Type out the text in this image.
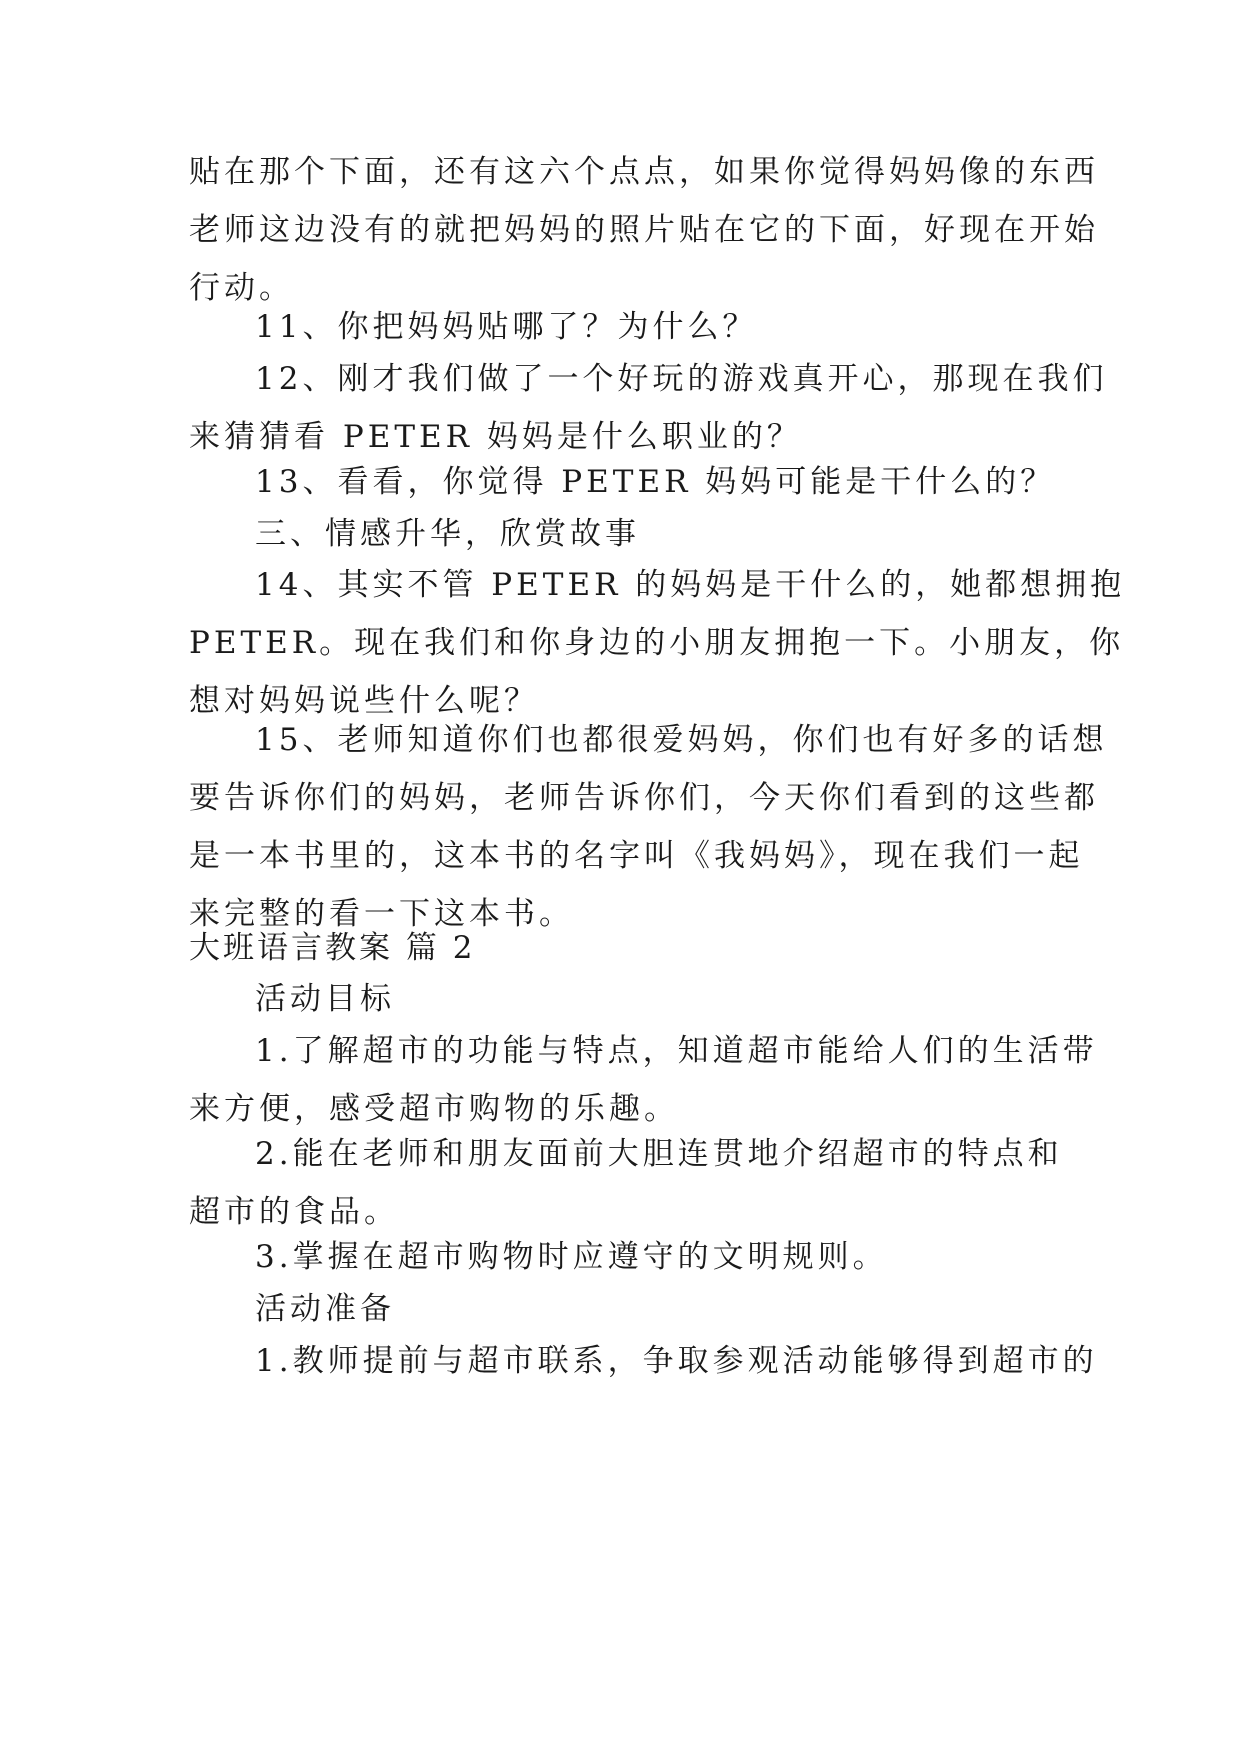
贴在那个下面，还有这六个点点，如果你觉得妈妈像的东西
老师这边没有的就把妈妈的照片贴在它的下面，好现在开始
行动。
11、你把妈妈贴哪了？为什么？
12、刚才我们做了一个好玩的游戏真开心，那现在我们
来猜猜看 PETER 妈妈是什么职业的？
13、看看，你觉得 PETER 妈妈可能是干什么的？
三、情感升华，欣赏故事
14、其实不管 PETER 的妈妈是干什么的，她都想拥抱
PETER。现在我们和你身边的小朋友拥抱一下。小朋友，你
想对妈妈说些什么呢？
15、老师知道你们也都很爱妈妈，你们也有好多的话想
要告诉你们的妈妈，老师告诉你们，今天你们看到的这些都
是一本书里的，这本书的名字叫《我妈妈》，现在我们一起
来完整的看一下这本书。
大班语言教案 篇 2
活动目标
1.了解超市的功能与特点，知道超市能给人们的生活带
来方便，感受超市购物的乐趣。
2.能在老师和朋友面前大胆连贯地介绍超市的特点和
超市的食品。
3.掌握在超市购物时应遵守的文明规则。
活动准备
1.教师提前与超市联系，争取参观活动能够得到超市的
